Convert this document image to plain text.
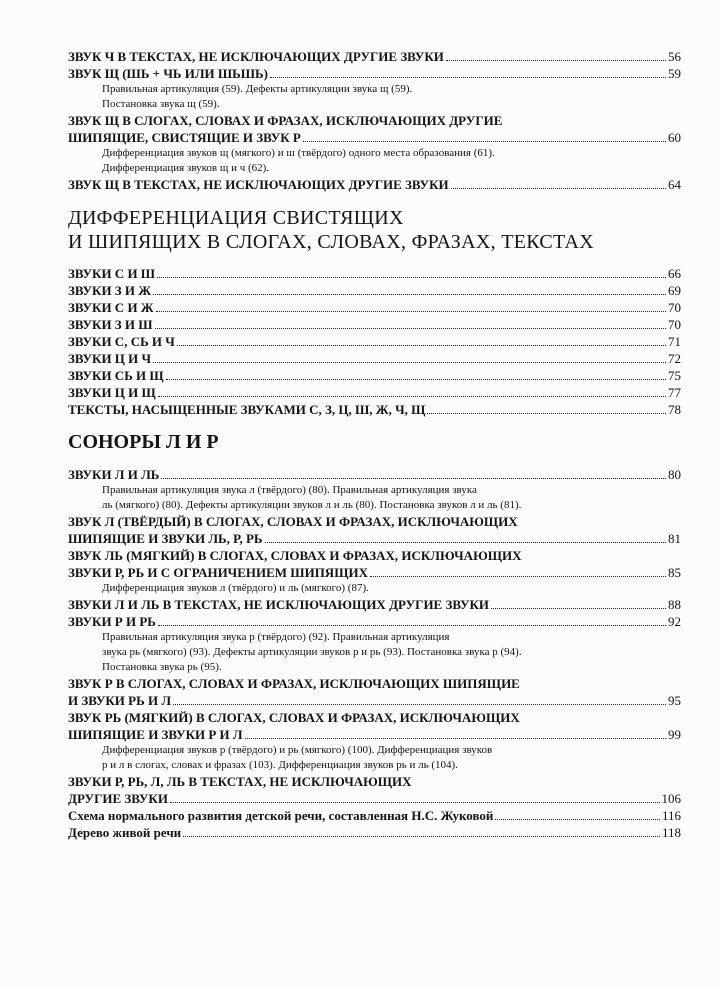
ЗВУК Ч В ТЕКСТАХ, НЕ ИСКЛЮЧАЮЩИХ ДРУГИЕ ЗВУКИ	56
ЗВУК Щ (ШЬ + ЧЬ ИЛИ ШЬШЬ)	59
Правильная артикуляция (59). Дефекты артикуляции звука щ (59).
Постановка звука щ (59).
ЗВУК Щ В СЛОГАХ, СЛОВАХ И ФРАЗАХ, ИСКЛЮЧАЮЩИХ ДРУГИЕ
ШИПЯЩИЕ, СВИСТЯЩИЕ И ЗВУК Р	60
Дифференциация звуков щ (мягкого) и ш (твёрдого) одного места образования (61).
Дифференциация звуков щ и ч (62).
ЗВУК Щ В ТЕКСТАХ, НЕ ИСКЛЮЧАЮЩИХ ДРУГИЕ ЗВУКИ	64
ДИФФЕРЕНЦИАЦИЯ СВИСТЯЩИХ
И ШИПЯЩИХ В СЛОГАХ, СЛОВАХ, ФРАЗАХ, ТЕКСТАХ
ЗВУКИ С И Ш	66
ЗВУКИ З И Ж	69
ЗВУКИ С И Ж	70
ЗВУКИ З И Ш	70
ЗВУКИ С, СЬ И Ч	71
ЗВУКИ Ц И Ч	72
ЗВУКИ СЬ И Щ	75
ЗВУКИ Ц И Щ	77
ТЕКСТЫ, НАСЫЩЕННЫЕ ЗВУКАМИ С, З, Ц, Ш, Ж, Ч, Щ	78
СОНОРЫ Л И Р
ЗВУКИ Л И ЛЬ	80
Правильная артикуляция звука л (твёрдого) (80). Правильная артикуляция звука
ль (мягкого) (80). Дефекты артикуляции звуков л и ль (80). Постановка звуков л и ль (81).
ЗВУК Л (ТВЁРДЫЙ) В СЛОГАХ, СЛОВАХ И ФРАЗАХ, ИСКЛЮЧАЮЩИХ
ШИПЯЩИЕ И ЗВУКИ ЛЬ, Р, РЬ	81
ЗВУК ЛЬ (МЯГКИЙ) В СЛОГАХ, СЛОВАХ И ФРАЗАХ, ИСКЛЮЧАЮЩИХ
ЗВУКИ Р, РЬ И С ОГРАНИЧЕНИЕМ ШИПЯЩИХ	85
Дифференциация звуков л (твёрдого) и ль (мягкого) (87).
ЗВУКИ Л И ЛЬ В ТЕКСТАХ, НЕ ИСКЛЮЧАЮЩИХ ДРУГИЕ ЗВУКИ	88
ЗВУКИ Р И РЬ	92
Правильная артикуляция звука р (твёрдого) (92). Правильная артикуляция
звука рь (мягкого) (93). Дефекты артикуляции звуков р и рь (93). Постановка звука р (94).
Постановка звука рь (95).
ЗВУК Р В СЛОГАХ, СЛОВАХ И ФРАЗАХ, ИСКЛЮЧАЮЩИХ ШИПЯЩИЕ
И ЗВУКИ РЬ И Л	95
ЗВУК РЬ (МЯГКИЙ) В СЛОГАХ, СЛОВАХ И ФРАЗАХ, ИСКЛЮЧАЮЩИХ
ШИПЯЩИЕ И ЗВУКИ Р И Л	99
Дифференциация звуков р (твёрдого) и рь (мягкого) (100). Дифференциация звуков
р и л в слогах, словах и фразах (103). Дифференциация звуков рь и ль (104).
ЗВУКИ Р, РЬ, Л, ЛЬ В ТЕКСТАХ, НЕ ИСКЛЮЧАЮЩИХ
ДРУГИЕ ЗВУКИ	106
Схема нормального развития детской речи, составленная Н.С. Жуковой	116
Дерево живой речи	118
